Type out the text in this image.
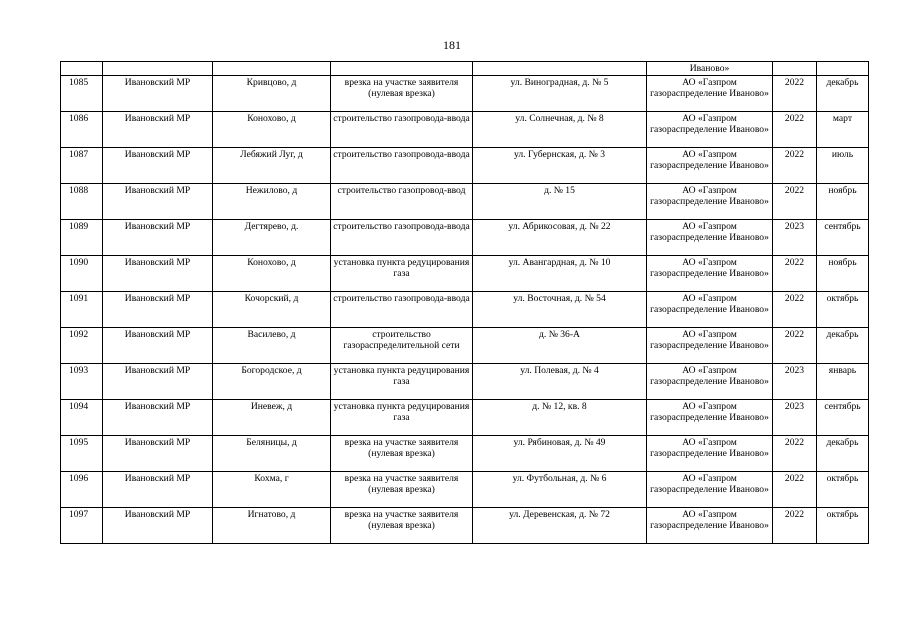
181
					Иваново»		
1085	Ивановский МР	Кривцово, д	врезка на участке заявителя (нулевая врезка)	ул. Виноградная, д. № 5	АО «Газпром газораспределение Иваново»	2022	декабрь
1086	Ивановский МР	Конохово, д	строительство газопровода-ввода	ул. Солнечная, д. № 8	АО «Газпром газораспределение Иваново»	2022	март
1087	Ивановский МР	Лебяжий Луг, д	строительство газопровода-ввода	ул. Губернская, д. № 3	АО «Газпром газораспределение Иваново»	2022	июль
1088	Ивановский МР	Нежилово, д	строительство газопровод-ввод	д. № 15	АО «Газпром газораспределение Иваново»	2022	ноябрь
1089	Ивановский МР	Дегтярево, д.	строительство газопровода-ввода	ул. Абрикосовая, д. № 22	АО «Газпром газораспределение Иваново»	2023	сентябрь
1090	Ивановский МР	Конохово, д	установка пункта редуцирования газа	ул. Авангардная, д. № 10	АО «Газпром газораспределение Иваново»	2022	ноябрь
1091	Ивановский МР	Кочорский, д	строительство газопровода-ввода	ул. Восточная, д. № 54	АО «Газпром газораспределение Иваново»	2022	октябрь
1092	Ивановский МР	Василево, д	строительство газораспределительной сети	д. № 36-А	АО «Газпром газораспределение Иваново»	2022	декабрь
1093	Ивановский МР	Богородское, д	установка пункта редуцирования газа	ул. Полевая, д. № 4	АО «Газпром газораспределение Иваново»	2023	январь
1094	Ивановский МР	Иневеж, д	установка пункта редуцирования газа	д. № 12, кв. 8	АО «Газпром газораспределение Иваново»	2023	сентябрь
1095	Ивановский МР	Беляницы, д	врезка на участке заявителя (нулевая врезка)	ул. Рябиновая, д. № 49	АО «Газпром газораспределение Иваново»	2022	декабрь
1096	Ивановский МР	Кохма, г	врезка на участке заявителя (нулевая врезка)	ул. Футбольная, д. № 6	АО «Газпром газораспределение Иваново»	2022	октябрь
1097	Ивановский МР	Игнатово, д	врезка на участке заявителя (нулевая врезка)	ул. Деревенская, д. № 72	АО «Газпром газораспределение Иваново»	2022	октябрь
